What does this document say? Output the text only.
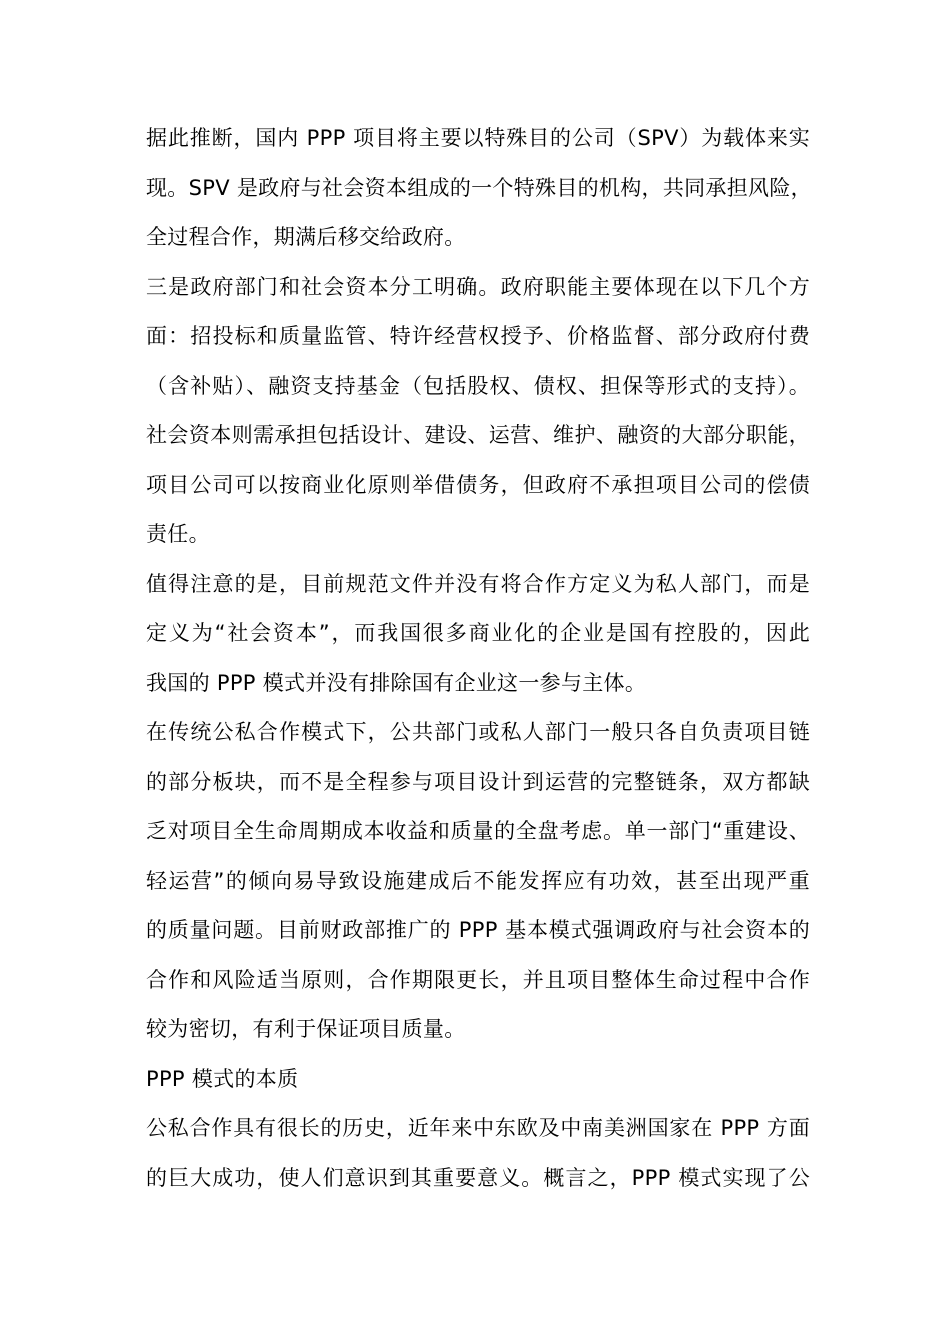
据此推断，国内 PPP 项目将主要以特殊目的公司（SPV）为载体来实
现。SPV 是政府与社会资本组成的一个特殊目的机构，共同承担风险，
全过程合作，期满后移交给政府。
三是政府部门和社会资本分工明确。政府职能主要体现在以下几个方
面：招投标和质量监管、特许经营权授予、价格监督、部分政府付费
（含补贴）、融资支持基金（包括股权、债权、担保等形式的支持）。
社会资本则需承担包括设计、建设、运营、维护、融资的大部分职能，
项目公司可以按商业化原则举借债务，但政府不承担项目公司的偿债
责任。
值得注意的是，目前规范文件并没有将合作方定义为私人部门，而是
定义为“社会资本”，而我国很多商业化的企业是国有控股的，因此
我国的 PPP 模式并没有排除国有企业这一参与主体。
在传统公私合作模式下，公共部门或私人部门一般只各自负责项目链
的部分板块，而不是全程参与项目设计到运营的完整链条，双方都缺
乏对项目全生命周期成本收益和质量的全盘考虑。单一部门“重建设、
轻运营”的倾向易导致设施建成后不能发挥应有功效，甚至出现严重
的质量问题。目前财政部推广的 PPP 基本模式强调政府与社会资本的
合作和风险适当原则，合作期限更长，并且项目整体生命过程中合作
较为密切，有利于保证项目质量。
PPP 模式的本质
公私合作具有很长的历史，近年来中东欧及中南美洲国家在 PPP 方面
的巨大成功，使人们意识到其重要意义。概言之，PPP 模式实现了公
